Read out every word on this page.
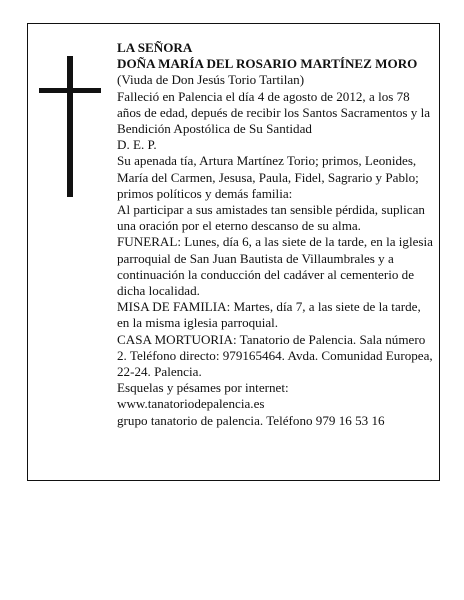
LA SEÑORA

DOÑA MARÍA DEL ROSARIO MARTÍNEZ MORO

(Viuda de Don Jesús Torio Tartilan)

Falleció en Palencia el día 4 de agosto de 2012, a los 78 años de edad, depués de recibir los Santos Sacramentos y la Bendición Apostólica de Su Santidad

D. E. P.

Su apenada tía, Artura Martínez Torio; primos, Leonides, María del Carmen, Jesusa, Paula, Fidel, Sagrario y Pablo; primos políticos y demás familia:

Al participar a sus amistades tan sensible pérdida, suplican una oración por el eterno descanso de su alma.

FUNERAL: Lunes, día 6, a las siete de la tarde, en la iglesia parroquial de San Juan Bautista de Villaumbrales y a continuación la conducción del cadáver al cementerio de dicha localidad.

MISA DE FAMILIA: Martes, día 7, a las siete de la tarde, en la misma iglesia parroquial.

CASA MORTUORIA: Tanatorio de Palencia. Sala número 2. Teléfono directo: 979165464. Avda. Comunidad Europea, 22-24. Palencia.

Esquelas y pésames por internet:

www.tanatoriodepalencia.es

grupo tanatorio de palencia. Teléfono 979 16 53 16
